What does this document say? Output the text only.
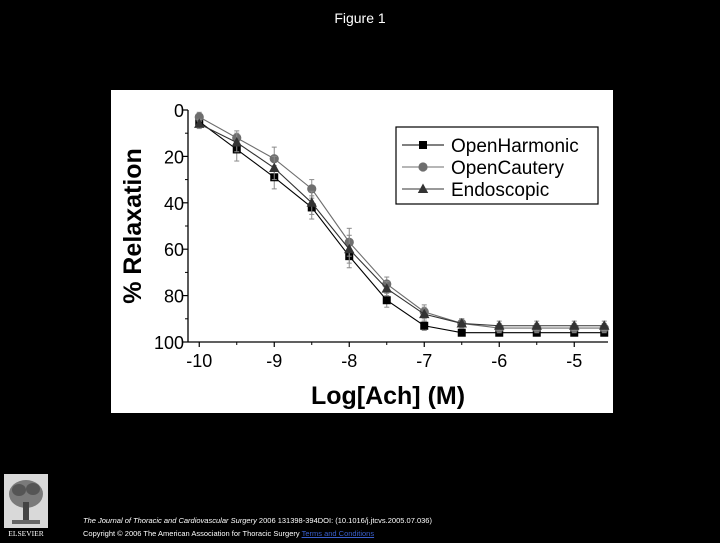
Figure 1
0
20
40
60
80
100
-10	-9	-8	-7	-6	-5
Log[Ach] (M)
% Relaxation
OpenHarmonic
OpenCautery
Endoscopic
ELSEVIER
The Journal of Thoracic and Cardiovascular Surgery 2006 131398-394DOI: (10.1016/j.jtcvs.2005.07.036)
Copyright © 2006 The American Association for Thoracic Surgery Terms and Conditions
